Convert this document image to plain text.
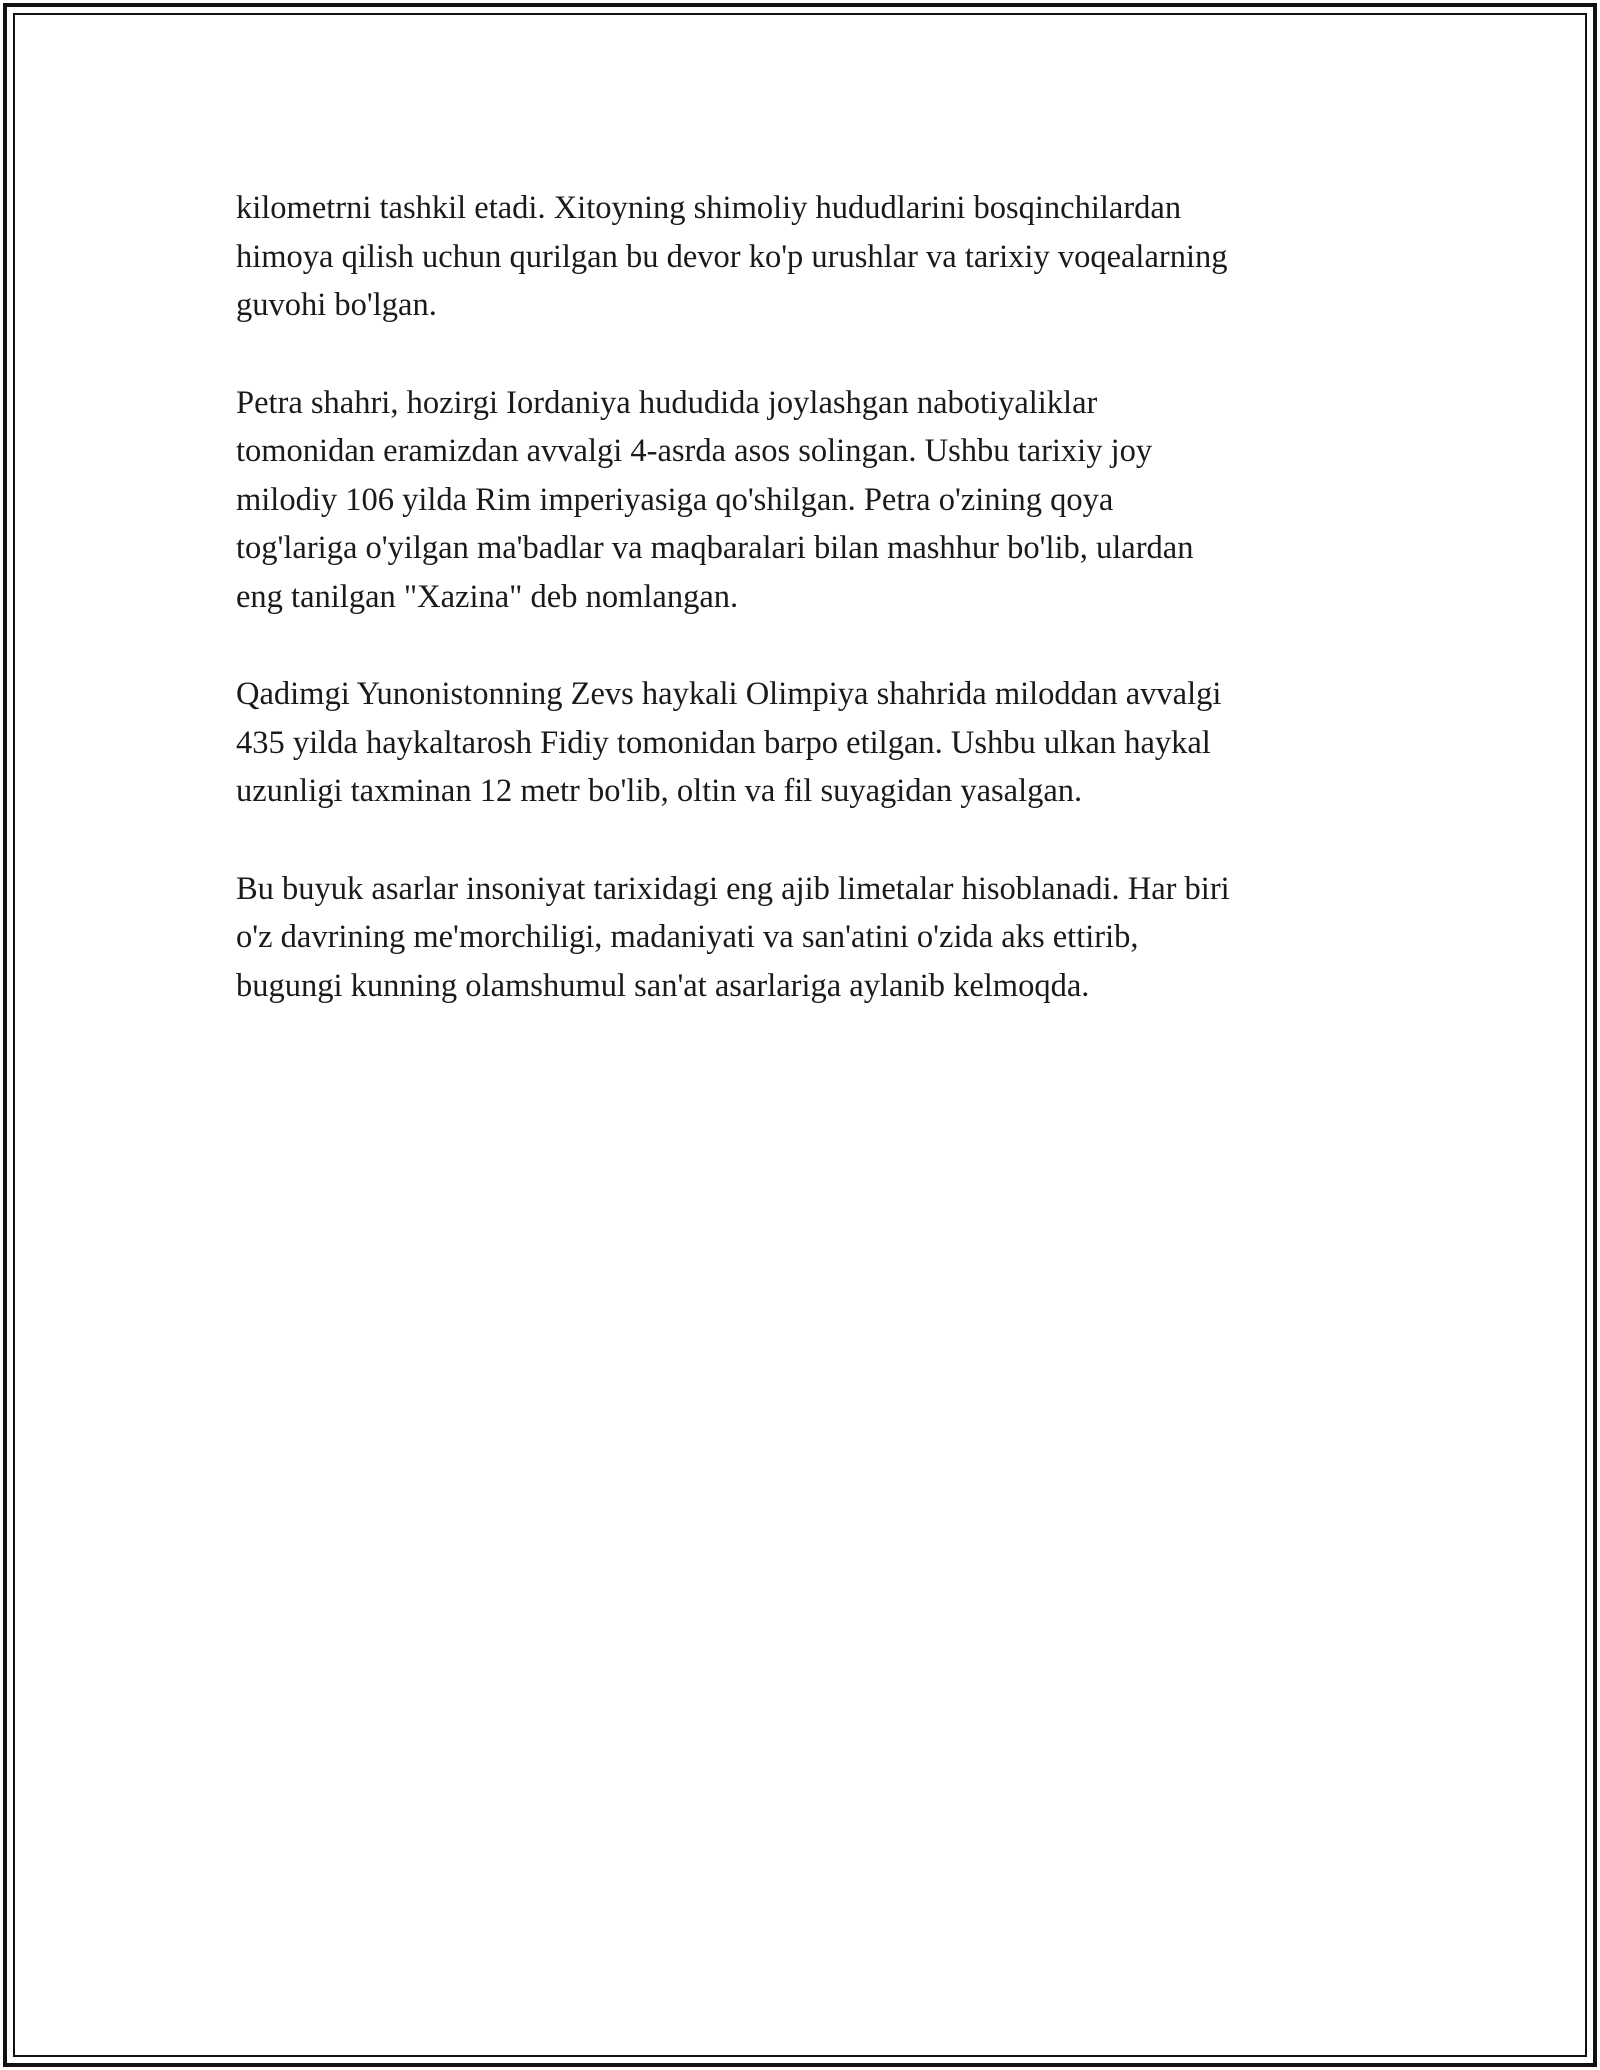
kilometrni tashkil etadi. Xitoyning shimoliy hududlarini bosqinchilardan
himoya qilish uchun qurilgan bu devor ko'p urushlar va tarixiy voqealarning
guvohi bo'lgan.

Petra shahri, hozirgi Iordaniya hududida joylashgan nabotiyaliklar
tomonidan eramizdan avvalgi 4-asrda asos solingan. Ushbu tarixiy joy
milodiy 106 yilda Rim imperiyasiga qo'shilgan. Petra o'zining qoya
tog'lariga o'yilgan ma'badlar va maqbaralari bilan mashhur bo'lib, ulardan
eng tanilgan "Xazina" deb nomlangan.

Qadimgi Yunonistonning Zevs haykali Olimpiya shahrida miloddan avvalgi
435 yilda haykaltarosh Fidiy tomonidan barpo etilgan. Ushbu ulkan haykal
uzunligi taxminan 12 metr bo'lib, oltin va fil suyagidan yasalgan.

Bu buyuk asarlar insoniyat tarixidagi eng ajib limetalar hisoblanadi. Har biri
o'z davrining me'morchiligi, madaniyati va san'atini o'zida aks ettirib,
bugungi kunning olamshumul san'at asarlariga aylanib kelmoqda.
